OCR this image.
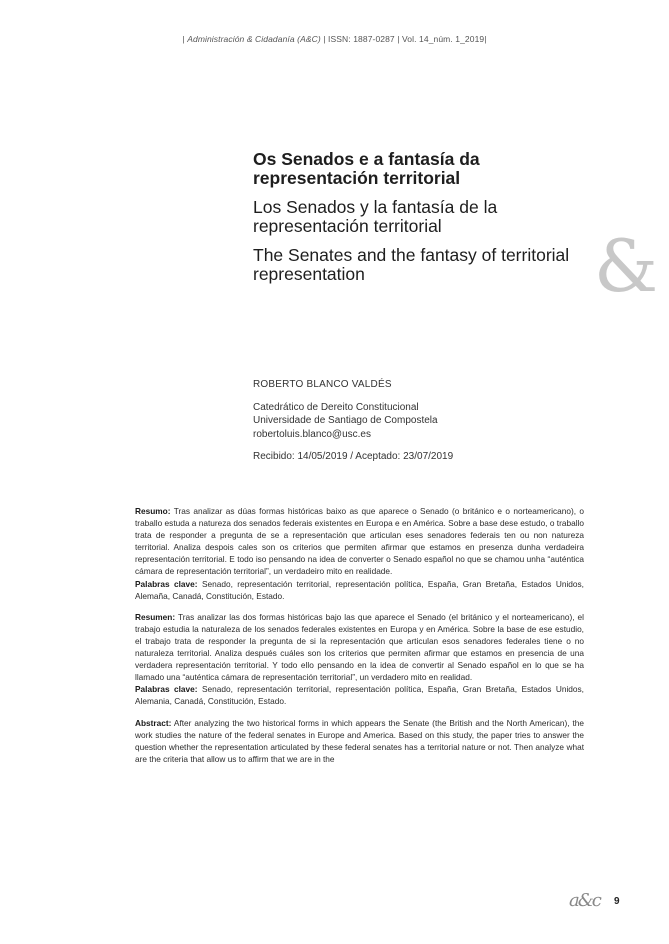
| Administración & Cidadanía (A&C) | ISSN: 1887-0287 | Vol. 14_núm. 1_2019|
Os Senados e a fantasía da representación territorial
Los Senados y la fantasía de la representación territorial
The Senates and the fantasy of territorial representation	&
ROBERTO BLANCO VALDÉS
Catedrático de Dereito Constitucional
Universidade de Santiago de Compostela
robertoluis.blanco@usc.es
Recibido: 14/05/2019 / Aceptado: 23/07/2019

Resumo: Tras analizar as dúas formas históricas baixo as que aparece o Senado (o británico e o norteamericano), o traballo estuda a natureza dos senados federais existentes en Europa e en América. Sobre a base dese estudo, o traballo trata de responder a pregunta de se a representación que articulan eses senadores federais ten ou non natureza territorial. Analiza despois cales son os criterios que permiten afirmar que estamos en presenza dunha verdadeira representación territorial. E todo iso pensando na idea de converter o Senado español no que se chamou unha “auténtica cámara de representación territorial”, un verdadeiro mito en realidade.

Palabras clave: Senado, representación territorial, representación política, España, Gran Bretaña, Estados Unidos, Alemaña, Canadá, Constitución, Estado.

Resumen: Tras analizar las dos formas históricas bajo las que aparece el Senado (el británico y el norteamericano), el trabajo estudia la naturaleza de los senados federales existentes en Europa y en América. Sobre la base de ese estudio, el trabajo trata de responder la pregunta de si la representación que articulan esos senadores federales tiene o no naturaleza territorial. Analiza después cuáles son los criterios que permiten afirmar que estamos en presencia de una verdadera representación territorial. Y todo ello pensando en la idea de convertir al Senado español en lo que se ha llamado una “auténtica cámara de representación territorial”, un verdadero mito en realidad.

Palabras clave: Senado, representación territorial, representación política, España, Gran Bretaña, Estados Unidos, Alemania, Canadá, Constitución, Estado.

Abstract: After analyzing the two historical forms in which appears the Senate (the British and the North American), the work studies the nature of the federal senates in Europe and America. Based on this study, the paper tries to answer the question whether the representation articulated by these federal senates has a territorial nature or not. Then analyze what are the criteria that allow us to affirm that we are in the

a&c 9
